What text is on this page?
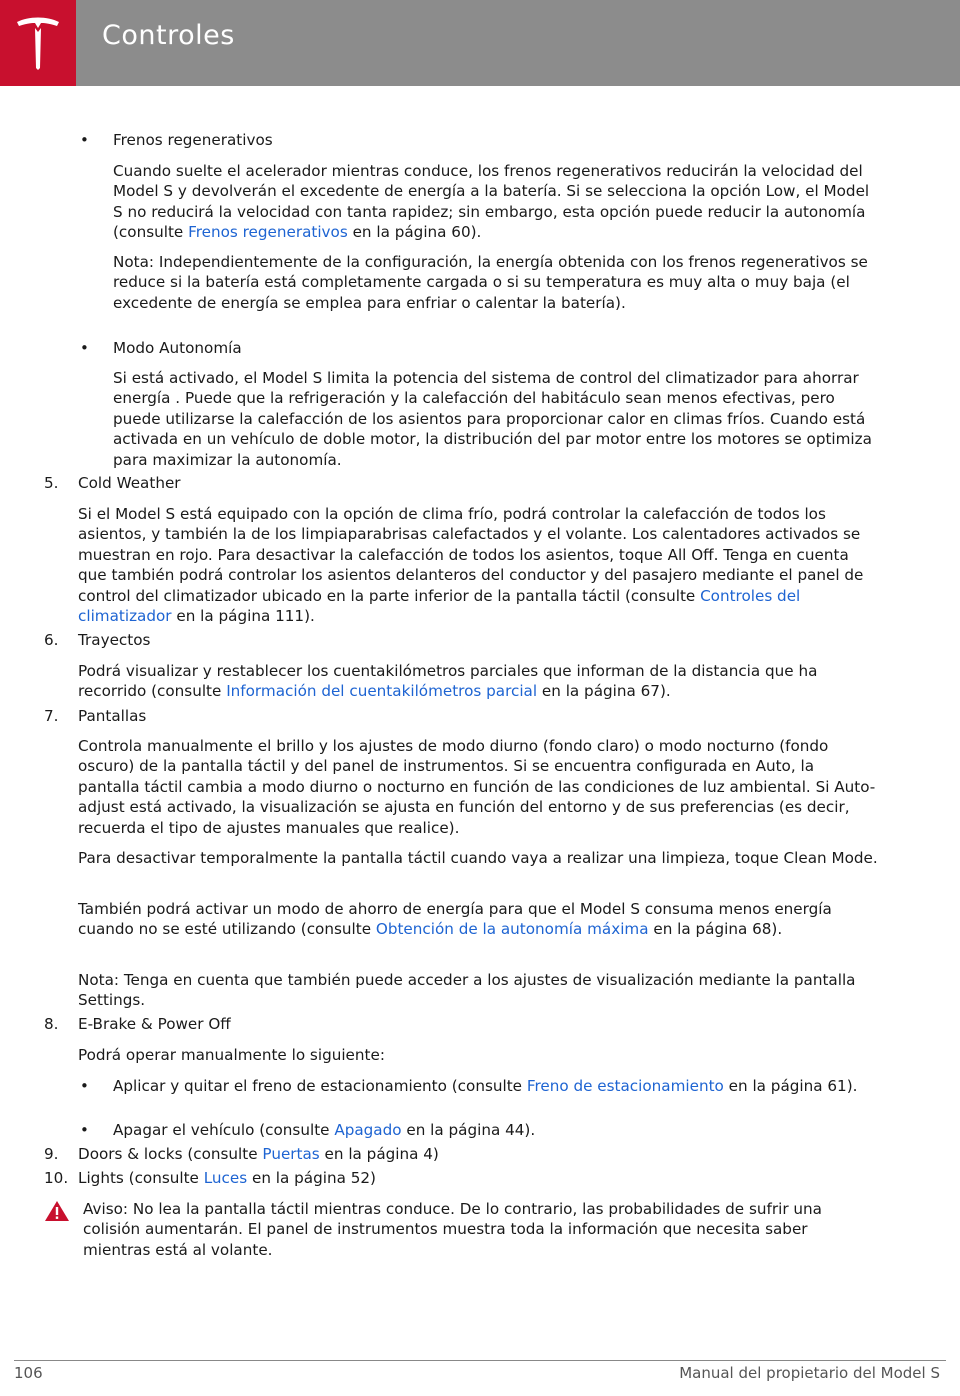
Controles
• Frenos regenerativos

Cuando suelte el acelerador mientras conduce, los frenos regenerativos reducirán la velocidad del Model S y devolverán el excedente de energía a la batería. Si se selecciona la opción Low, el Model S no reducirá la velocidad con tanta rapidez; sin embargo, esta opción puede reducir la autonomía (consulte Frenos regenerativos en la página 60).

Nota: Independientemente de la configuración, la energía obtenida con los frenos regenerativos se reduce si la batería está completamente cargada o si su temperatura es muy alta o muy baja (el excedente de energía se emplea para enfriar o calentar la batería).

• Modo Autonomía

Si está activado, el Model S limita la potencia del sistema de control del climatizador para ahorrar energía . Puede que la refrigeración y la calefacción del habitáculo sean menos efectivas, pero puede utilizarse la calefacción de los asientos para proporcionar calor en climas fríos. Cuando está activada en un vehículo de doble motor, la distribución del par motor entre los motores se optimiza para maximizar la autonomía.

5. Cold Weather

Si el Model S está equipado con la opción de clima frío, podrá controlar la calefacción de todos los asientos, y también la de los limpiaparabrisas calefactados y el volante. Los calentadores activados se muestran en rojo. Para desactivar la calefacción de todos los asientos, toque All Off. Tenga en cuenta que también podrá controlar los asientos delanteros del conductor y del pasajero mediante el panel de control del climatizador ubicado en la parte inferior de la pantalla táctil (consulte Controles del climatizador en la página 111).

6. Trayectos

Podrá visualizar y restablecer los cuentakilómetros parciales que informan de la distancia que ha recorrido (consulte Información del cuentakilómetros parcial en la página 67).

7. Pantallas

Controla manualmente el brillo y los ajustes de modo diurno (fondo claro) o modo nocturno (fondo oscuro) de la pantalla táctil y del panel de instrumentos. Si se encuentra configurada en Auto, la pantalla táctil cambia a modo diurno o nocturno en función de las condiciones de luz ambiental. Si Auto-adjust está activado, la visualización se ajusta en función del entorno y de sus preferencias (es decir, recuerda el tipo de ajustes manuales que realice).

Para desactivar temporalmente la pantalla táctil cuando vaya a realizar una limpieza, toque Clean Mode.

También podrá activar un modo de ahorro de energía para que el Model S consuma menos energía cuando no se esté utilizando (consulte Obtención de la autonomía máxima en la página 68).

Nota: Tenga en cuenta que también puede acceder a los ajustes de visualización mediante la pantalla Settings.

8. E-Brake & Power Off

Podrá operar manualmente lo siguiente:

• Aplicar y quitar el freno de estacionamiento (consulte Freno de estacionamiento en la página 61).

• Apagar el vehículo (consulte Apagado en la página 44).

9. Doors & locks (consulte Puertas en la página 4)

10. Lights (consulte Luces en la página 52)

Aviso: No lea la pantalla táctil mientras conduce. De lo contrario, las probabilidades de sufrir una colisión aumentarán. El panel de instrumentos muestra toda la información que necesita saber mientras está al volante.

106	Manual del propietario del Model S
